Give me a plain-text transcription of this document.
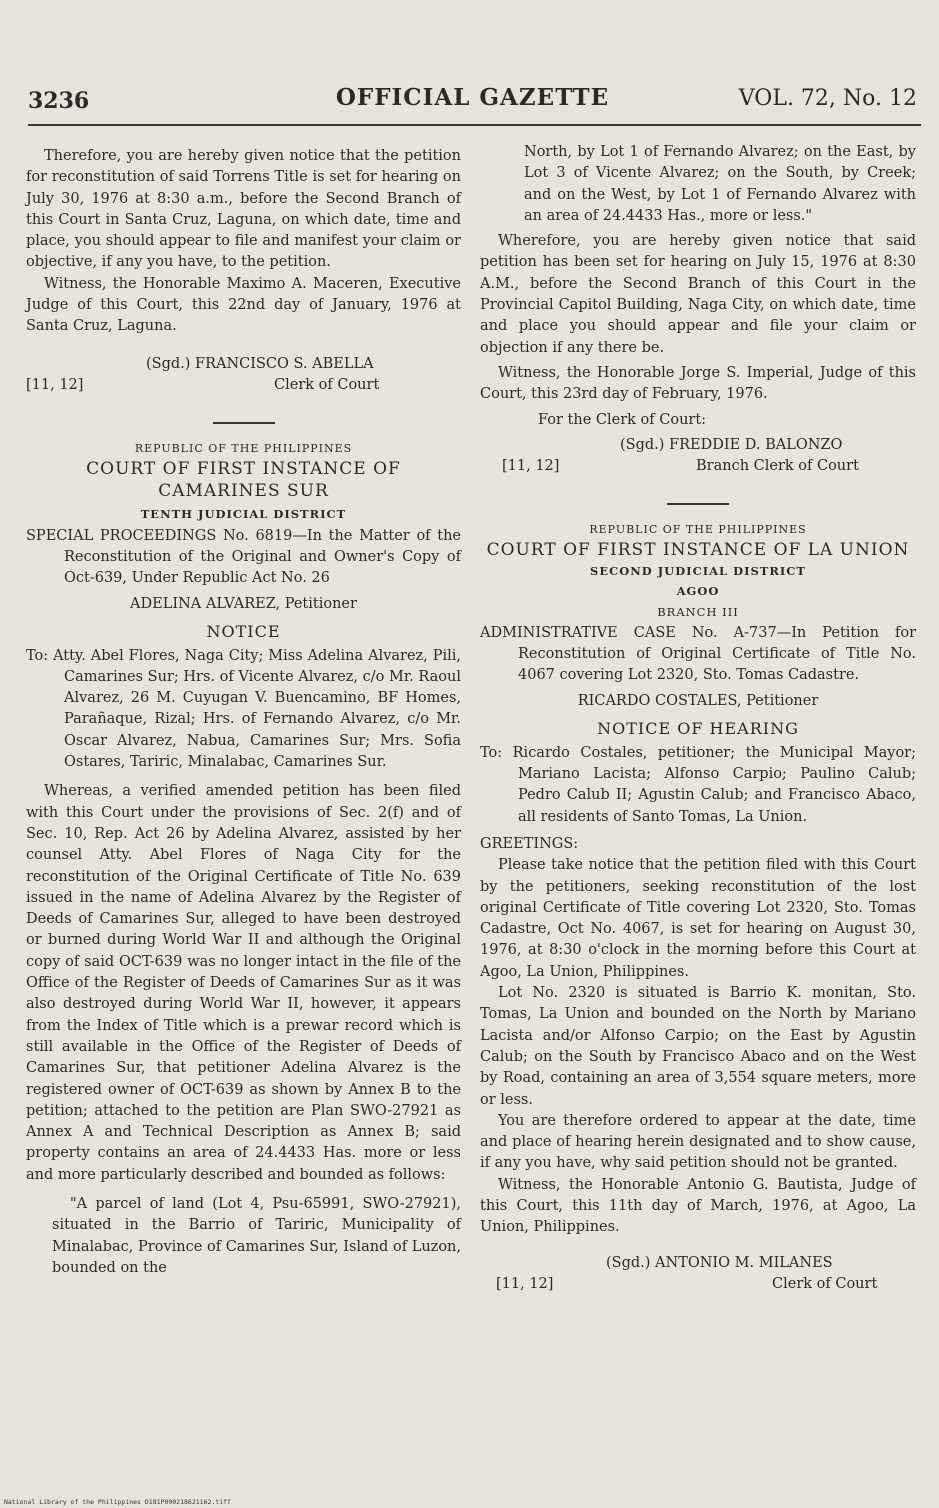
3236	OFFICIAL GAZETTE	VOL. 72, No. 12

Therefore, you are hereby given notice that the petition for reconstitution of said Torrens Title is set for hearing on July 30, 1976 at 8:30 a.m., before the Second Branch of this Court in Santa Cruz, Laguna, on which date, time and place, you should appear to file and manifest your claim or objective, if any you have, to the petition.

Witness, the Honorable Maximo A. Maceren, Executive Judge of this Court, this 22nd day of January, 1976 at Santa Cruz, Laguna.

(Sgd.) FRANCISCO S. ABELLA
[11, 12]	Clerk of Court
REPUBLIC OF THE PHILIPPINES
COURT OF FIRST INSTANCE OF CAMARINES SUR
TENTH JUDICIAL DISTRICT

SPECIAL PROCEEDINGS No. 6819—In the Matter of the Reconstitution of the Original and Owner's Copy of Oct-639, Under Republic Act No. 26

ADELINA ALVAREZ, Petitioner
NOTICE

To: Atty. Abel Flores, Naga City; Miss Adelina Alvarez, Pili, Camarines Sur; Hrs. of Vicente Alvarez, c/o Mr. Raoul Alvarez, 26 M. Cuyugan V. Buencamino, BF Homes, Parañaque, Rizal; Hrs. of Fernando Alvarez, c/o Mr. Oscar Alvarez, Nabua, Camarines Sur; Mrs. Sofia Ostares, Tariric, Minalabac, Camarines Sur.

Whereas, a verified amended petition has been filed with this Court under the provisions of Sec. 2(f) and of Sec. 10, Rep. Act 26 by Adelina Alvarez, assisted by her counsel Atty. Abel Flores of Naga City for the reconstitution of the Original Certificate of Title No. 639 issued in the name of Adelina Alvarez by the Register of Deeds of Camarines Sur, alleged to have been destroyed or burned during World War II and although the Original copy of said OCT-639 was no longer intact in the file of the Office of the Register of Deeds of Camarines Sur as it was also destroyed during World War II, however, it appears from the Index of Title which is a prewar record which is still available in the Office of the Register of Deeds of Camarines Sur, that petitioner Adelina Alvarez is the registered owner of OCT-639 as shown by Annex B to the petition; attached to the petition are Plan SWO-27921 as Annex A and Technical Description as Annex B; said property contains an area of 24.4433 Has. more or less and more particularly described and bounded as follows:

"A parcel of land (Lot 4, Psu-65991, SWO-27921), situated in the Barrio of Tariric, Municipality of Minalabac, Province of Camarines Sur, Island of Luzon, bounded on the

North, by Lot 1 of Fernando Alvarez; on the East, by Lot 3 of Vicente Alvarez; on the South, by Creek; and on the West, by Lot 1 of Fernando Alvarez with an area of 24.4433 Has., more or less."

Wherefore, you are hereby given notice that said petition has been set for hearing on July 15, 1976 at 8:30 A.M., before the Second Branch of this Court in the Provincial Capitol Building, Naga City, on which date, time and place you should appear and file your claim or objection if any there be.

Witness, the Honorable Jorge S. Imperial, Judge of this Court, this 23rd day of February, 1976.

For the Clerk of Court:

(Sgd.) FREDDIE D. BALONZO
[11, 12]	Branch Clerk of Court
REPUBLIC OF THE PHILIPPINES
COURT OF FIRST INSTANCE OF LA UNION
SECOND JUDICIAL DISTRICT
AGOO
BRANCH III

ADMINISTRATIVE CASE No. A-737—In Petition for Reconstitution of Original Certificate of Title No. 4067 covering Lot 2320, Sto. Tomas Cadastre.

RICARDO COSTALES, Petitioner
NOTICE OF HEARING

To: Ricardo Costales, petitioner; the Municipal Mayor; Mariano Lacista; Alfonso Carpio; Paulino Calub; Pedro Calub II; Agustin Calub; and Francisco Abaco, all residents of Santo Tomas, La Union.

GREETINGS:

Please take notice that the petition filed with this Court by the petitioners, seeking reconstitution of the lost original Certificate of Title covering Lot 2320, Sto. Tomas Cadastre, Oct No. 4067, is set for hearing on August 30, 1976, at 8:30 o'clock in the morning before this Court at Agoo, La Union, Philippines.

Lot No. 2320 is situated is Barrio K. monitan, Sto. Tomas, La Union and bounded on the North by Mariano Lacista and/or Alfonso Carpio; on the East by Agustin Calub; on the South by Francisco Abaco and on the West by Road, containing an area of 3,554 square meters, more or less.

You are therefore ordered to appear at the date, time and place of hearing herein designated and to show cause, if any you have, why said petition should not be granted.

Witness, the Honorable Antonio G. Bautista, Judge of this Court, this 11th day of March, 1976, at Agoo, La Union, Philippines.

(Sgd.) ANTONIO M. MILANES
[11, 12]	Clerk of Court
National Library of the Philippines D181P000218621162.tiff
